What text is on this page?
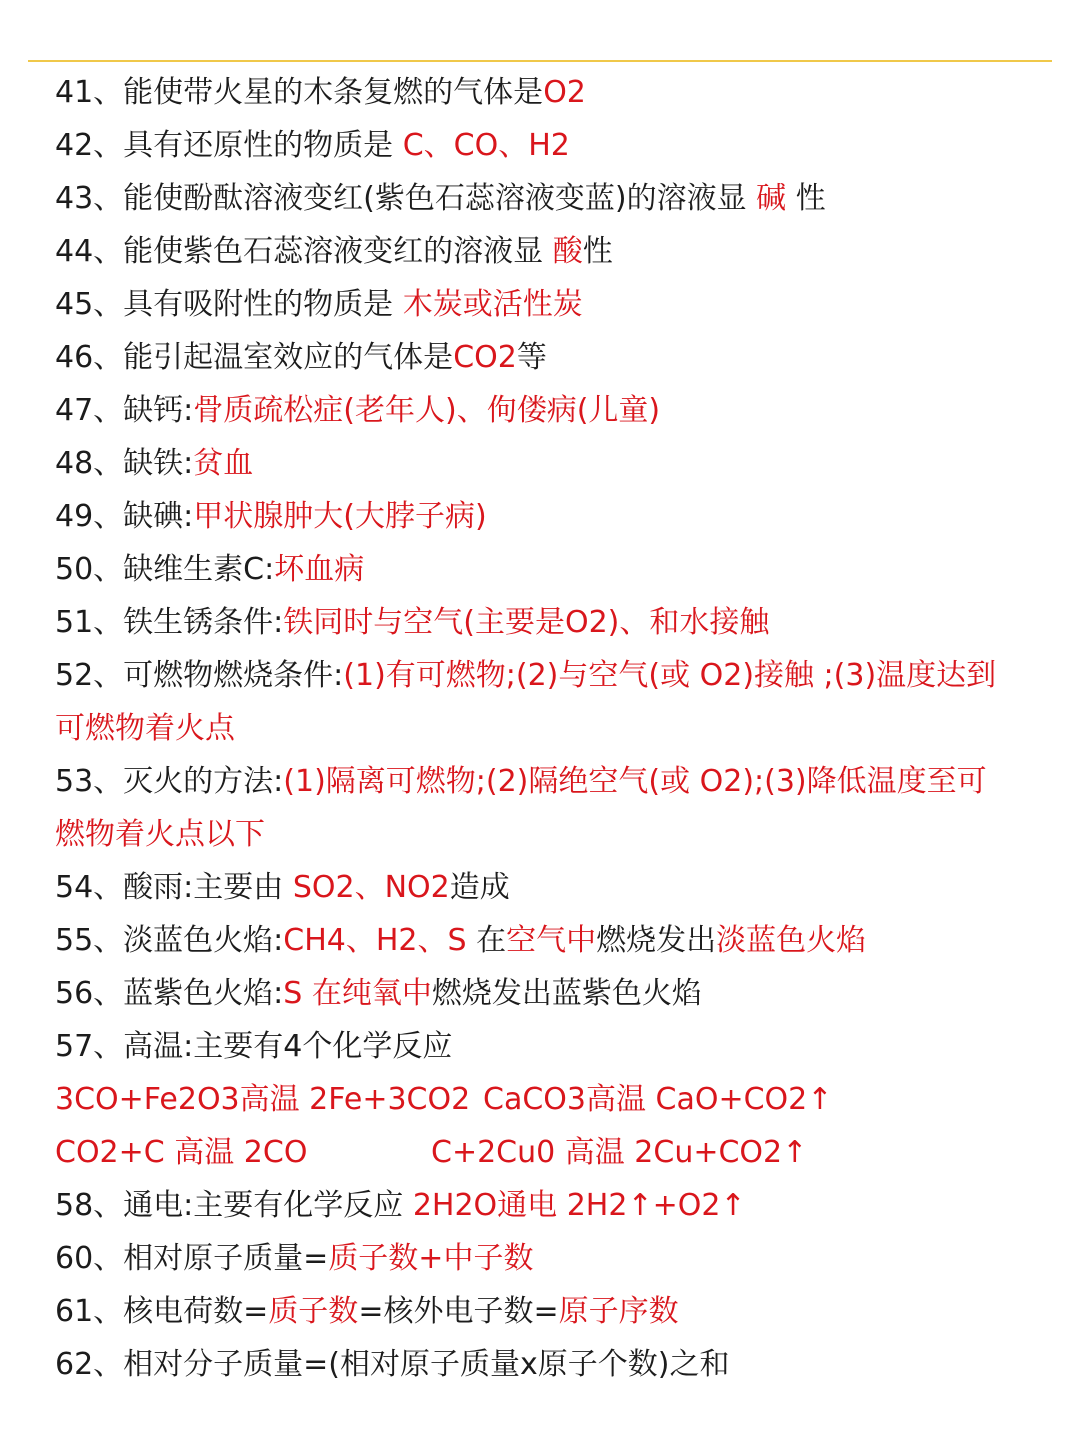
41、能使带火星的木条复燃的气体是O2
42、具有还原性的物质是 C、CO、H2
43、能使酚酞溶液变红(紫色石蕊溶液变蓝)的溶液显 碱 性
44、能使紫色石蕊溶液变红的溶液显 酸性
45、具有吸附性的物质是 木炭或活性炭
46、能引起温室效应的气体是CO2等
47、缺钙:骨质疏松症(老年人)、佝偻病(儿童)
48、缺铁:贫血
49、缺碘:甲状腺肿大(大脖子病)
50、缺维生素C:坏血病
51、铁生锈条件:铁同时与空气(主要是O2)、和水接触
52、可燃物燃烧条件:(1)有可燃物;(2)与空气(或 O2)接触 ;(3)温度达到
可燃物着火点
53、灭火的方法:(1)隔离可燃物;(2)隔绝空气(或 O2);(3)降低温度至可
燃物着火点以下
54、酸雨:主要由 SO2、NO2造成
55、淡蓝色火焰:CH4、H2、S 在空气中燃烧发出淡蓝色火焰
56、蓝紫色火焰:S 在纯氧中燃烧发出蓝紫色火焰
57、高温:主要有4个化学反应
3CO+Fe2O3高温 2Fe+3CO2 CaCO3高温 CaO+CO2↑
CO2+C 高温 2CO	C+2Cu0 高温 2Cu+CO2↑
58、通电:主要有化学反应 2H2O通电 2H2↑+O2↑
60、相对原子质量=质子数+中子数
61、核电荷数=质子数=核外电子数=原子序数
62、相对分子质量=(相对原子质量x原子个数)之和
